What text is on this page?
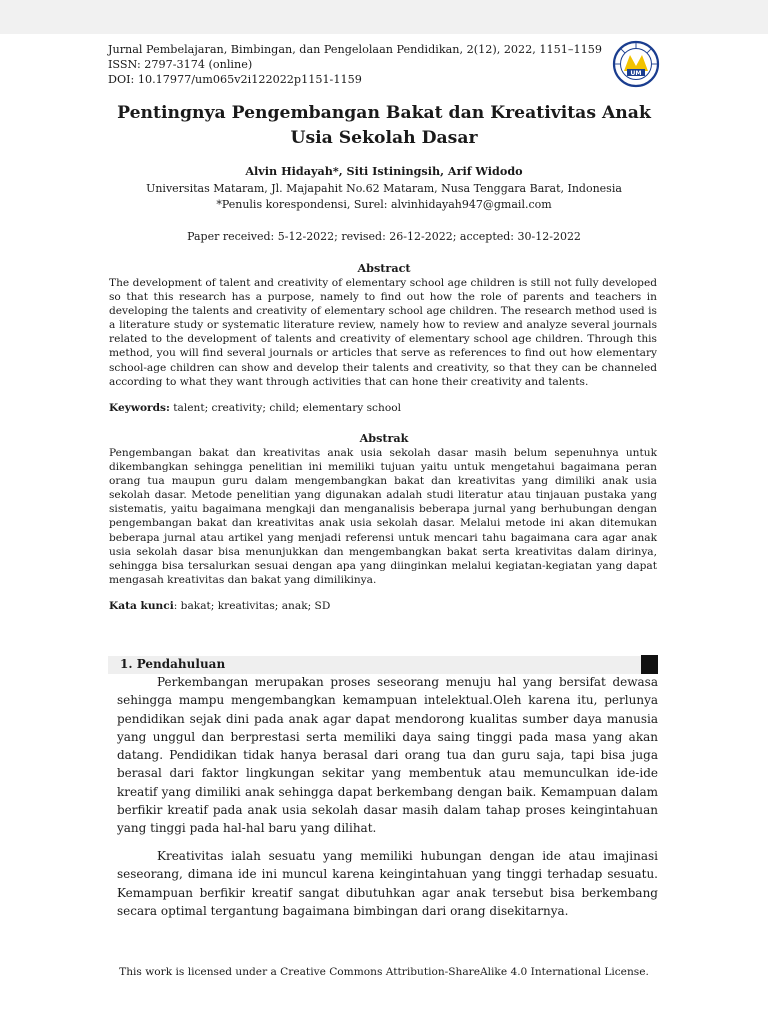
Jurnal Pembelajaran, Bimbingan, dan Pengelolaan Pendidikan, 2(12), 2022, 1151–1159
ISSN: 2797-3174 (online)
DOI: 10.17977/um065v2i122022p1151-1159	UM
Pentingnya Pengembangan Bakat dan Kreativitas Anak Usia Sekolah Dasar
Alvin Hidayah*, Siti Istiningsih, Arif Widodo
Universitas Mataram, Jl. Majapahit No.62 Mataram, Nusa Tenggara Barat, Indonesia
*Penulis korespondensi, Surel: alvinhidayah947@gmail.com
Paper received: 5-12-2022; revised: 26-12-2022; accepted: 30-12-2022
Abstract
The development of talent and creativity of elementary school age children is still not fully developed so that this research has a purpose, namely to find out how the role of parents and teachers in developing the talents and creativity of elementary school age children. The research method used is a literature study or systematic literature review, namely how to review and analyze several journals related to the development of talents and creativity of elementary school age children. Through this method, you will find several journals or articles that serve as references to find out how elementary school-age children can show and develop their talents and creativity, so that they can be channeled according to what they want through activities that can hone their creativity and talents.
Keywords: talent; creativity; child; elementary school
Abstrak
Pengembangan bakat dan kreativitas anak usia sekolah dasar masih belum sepenuhnya untuk dikembangkan sehingga penelitian ini memiliki tujuan yaitu untuk mengetahui bagaimana peran orang tua maupun guru dalam mengembangkan bakat dan kreativitas yang dimiliki anak usia sekolah dasar. Metode penelitian yang digunakan adalah studi literatur atau tinjauan pustaka yang sistematis, yaitu bagaimana mengkaji dan menganalisis beberapa jurnal yang berhubungan dengan pengembangan bakat dan kreativitas anak usia sekolah dasar. Melalui metode ini akan ditemukan beberapa jurnal atau artikel yang menjadi referensi untuk mencari tahu bagaimana cara agar anak usia sekolah dasar bisa menunjukkan dan mengembangkan bakat serta kreativitas dalam dirinya, sehingga bisa tersalurkan sesuai dengan apa yang diinginkan melalui kegiatan-kegiatan yang dapat mengasah kreativitas dan bakat yang dimilikinya.
Kata kunci: bakat; kreativitas; anak; SD
1. Pendahuluan
Perkembangan merupakan proses seseorang menuju hal yang bersifat dewasa sehingga mampu mengembangkan kemampuan intelektual.Oleh karena itu, perlunya pendidikan sejak dini pada anak agar dapat mendorong kualitas sumber daya manusia yang unggul dan berprestasi serta memiliki daya saing tinggi pada masa yang akan datang. Pendidikan tidak hanya berasal dari orang tua dan guru saja, tapi bisa juga berasal dari faktor lingkungan sekitar yang membentuk atau memunculkan ide-ide kreatif yang dimiliki anak sehingga dapat berkembang dengan baik. Kemampuan dalam berfikir kreatif pada anak usia sekolah dasar masih dalam tahap proses keingintahuan yang tinggi pada hal-hal baru yang dilihat.
Kreativitas ialah sesuatu yang memiliki hubungan dengan ide atau imajinasi seseorang, dimana ide ini muncul karena keingintahuan yang tinggi terhadap sesuatu. Kemampuan berfikir kreatif sangat dibutuhkan agar anak tersebut bisa berkembang secara optimal tergantung bagaimana bimbingan dari orang disekitarnya.
This work is licensed under a Creative Commons Attribution-ShareAlike 4.0 International License.
